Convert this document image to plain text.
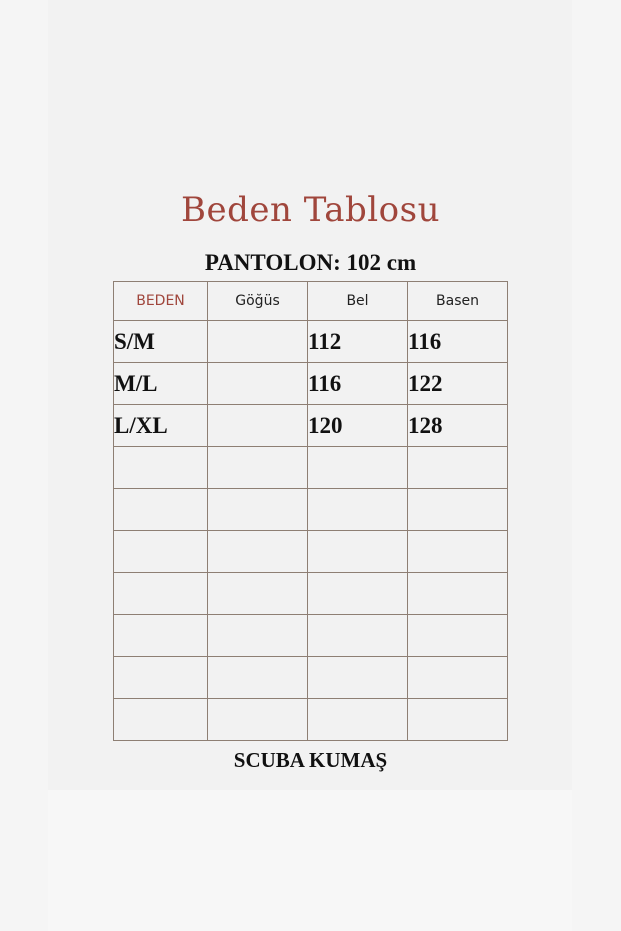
Beden Tablosu
PANTOLON: 102 cm
BEDEN	Göğüs	Bel	Basen
S/M		112	116
M/L		116	122
L/XL		120	128

SCUBA KUMAŞ
